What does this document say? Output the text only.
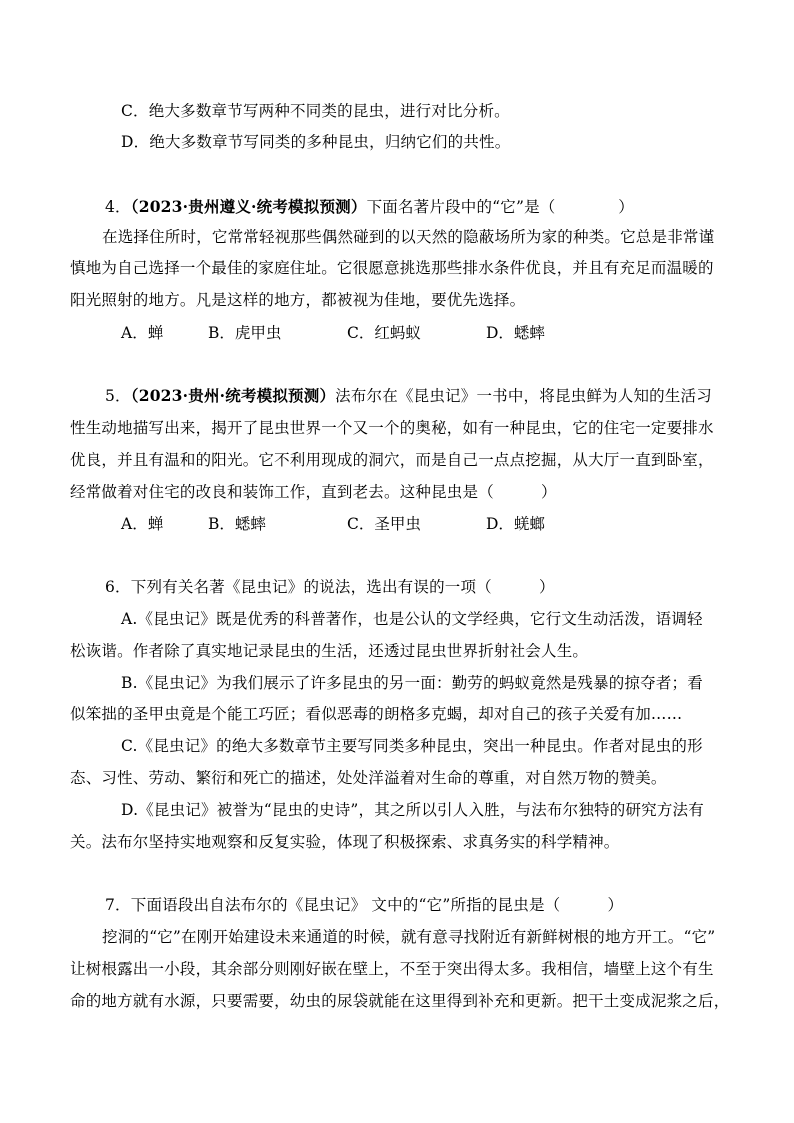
C．绝大多数章节写两种不同类的昆虫，进行对比分析。
D．绝大多数章节写同类的多种昆虫，归纳它们的共性。
4．（2023·贵州遵义·统考模拟预测）下面名著片段中的“它”是（　　　　）
在选择住所时，它常常轻视那些偶然碰到的以天然的隐蔽场所为家的种类。它总是非常谨
慎地为自己选择一个最佳的家庭住址。它很愿意挑选那些排水条件优良，并且有充足而温暖的
阳光照射的地方。凡是这样的地方，都被视为佳地，要优先选择。
A．蝉	B．虎甲虫	C．红蚂蚁	D．蟋蟀
5．（2023·贵州·统考模拟预测）法布尔在《昆虫记》一书中，将昆虫鲜为人知的生活习
性生动地描写出来，揭开了昆虫世界一个又一个的奥秘，如有一种昆虫，它的住宅一定要排水
优良，并且有温和的阳光。它不利用现成的洞穴，而是自己一点点挖掘，从大厅一直到卧室，
经常做着对住宅的改良和装饰工作，直到老去。这种昆虫是（　　　）
A．蝉	B．蟋蟀	C．圣甲虫	D．蜣螂
6．下列有关名著《昆虫记》的说法，选出有误的一项（　　　）
A.《昆虫记》既是优秀的科普著作，也是公认的文学经典，它行文生动活泼，语调轻
松诙谐。作者除了真实地记录昆虫的生活，还透过昆虫世界折射社会人生。
B.《昆虫记》为我们展示了许多昆虫的另一面：勤劳的蚂蚁竟然是残暴的掠夺者；看
似笨拙的圣甲虫竟是个能工巧匠；看似恶毒的朗格多克蝎，却对自己的孩子关爱有加……
C.《昆虫记》的绝大多数章节主要写同类多种昆虫，突出一种昆虫。作者对昆虫的形
态、习性、劳动、繁衍和死亡的描述，处处洋溢着对生命的尊重，对自然万物的赞美。
D.《昆虫记》被誉为“昆虫的史诗”，其之所以引人入胜，与法布尔独特的研究方法有
关。法布尔坚持实地观察和反复实验，体现了积极探索、求真务实的科学精神。
7．下面语段出自法布尔的《昆虫记》 文中的“它”所指的昆虫是（　　　）
挖洞的“它”在刚开始建设未来通道的时候，就有意寻找附近有新鲜树根的地方开工。“它”
让树根露出一小段，其余部分则刚好嵌在壁上，不至于突出得太多。我相信，墙壁上这个有生
命的地方就有水源，只要需要，幼虫的尿袋就能在这里得到补充和更新。把干土变成泥浆之后，
